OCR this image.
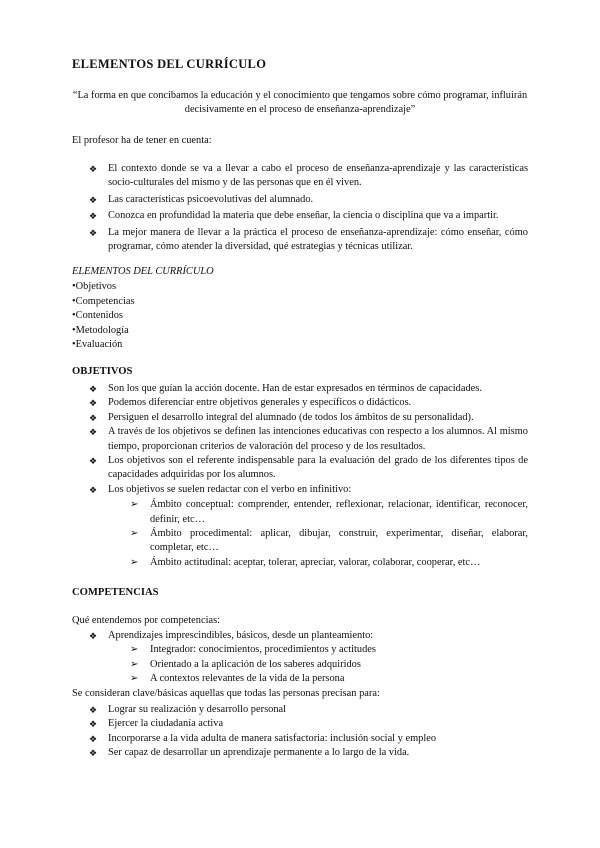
ELEMENTOS DEL CURRÍCULO
“La forma en que concibamos la educación y el conocimiento que tengamos sobre cómo programar, influirán decisivamente en el proceso de enseñanza-aprendizaje”
El profesor ha de tener en cuenta:
❖ El contexto donde se va a llevar a cabo el proceso de enseñanza-aprendizaje y las características socio-culturales del mismo y de las personas que en él viven.
❖ Las características psicoevolutivas del alumnado.
❖ Conozca en profundidad la materia que debe enseñar, la ciencia o disciplina que va a impartir.
❖ La mejor manera de llevar a la práctica el proceso de enseñanza-aprendizaje: cómo enseñar, cómo programar, cómo atender la diversidad, qué estrategias y técnicas utilizar.
ELEMENTOS DEL CURRÍCULO
•Objetivos
•Competencias
•Contenidos
•Metodología
•Evaluación
OBJETIVOS
❖ Son los que guían la acción docente. Han de estar expresados en términos de capacidades.
❖ Podemos diferenciar entre objetivos generales y específicos o didácticos.
❖ Persiguen el desarrollo integral del alumnado (de todos los ámbitos de su personalidad).
❖ A través de los objetivos se definen las intenciones educativas con respecto a los alumnos. Al mismo tiempo, proporcionan criterios de valoración del proceso y de los resultados.
❖ Los objetivos son el referente indispensable para la evaluación del grado de los diferentes tipos de capacidades adquiridas por los alumnos.
❖ Los objetivos se suelen redactar con el verbo en infinitivo:
➢ Ámbito conceptual: comprender, entender, reflexionar, relacionar, identificar, reconocer, definir, etc…
➢ Ámbito procedimental: aplicar, dibujar, construir, experimentar, diseñar, elaborar, completar, etc…
➢ Ámbito actitudinal: aceptar, tolerar, apreciar, valorar, colaborar, cooperar, etc…
COMPETENCIAS
Qué entendemos por competencias:
❖ Aprendizajes imprescindibles, básicos, desde un planteamiento:
➢ Integrador: conocimientos, procedimientos y actitudes
➢ Orientado a la aplicación de los saberes adquiridos
➢ A contextos relevantes de la vida de la persona
Se consideran clave/básicas aquellas que todas las personas precisan para:
❖ Lograr su realización y desarrollo personal
❖ Ejercer la ciudadanía activa
❖ Incorporarse a la vida adulta de manera satisfactoria: inclusión social y empleo
❖ Ser capaz de desarrollar un aprendizaje permanente a lo largo de la vida.
